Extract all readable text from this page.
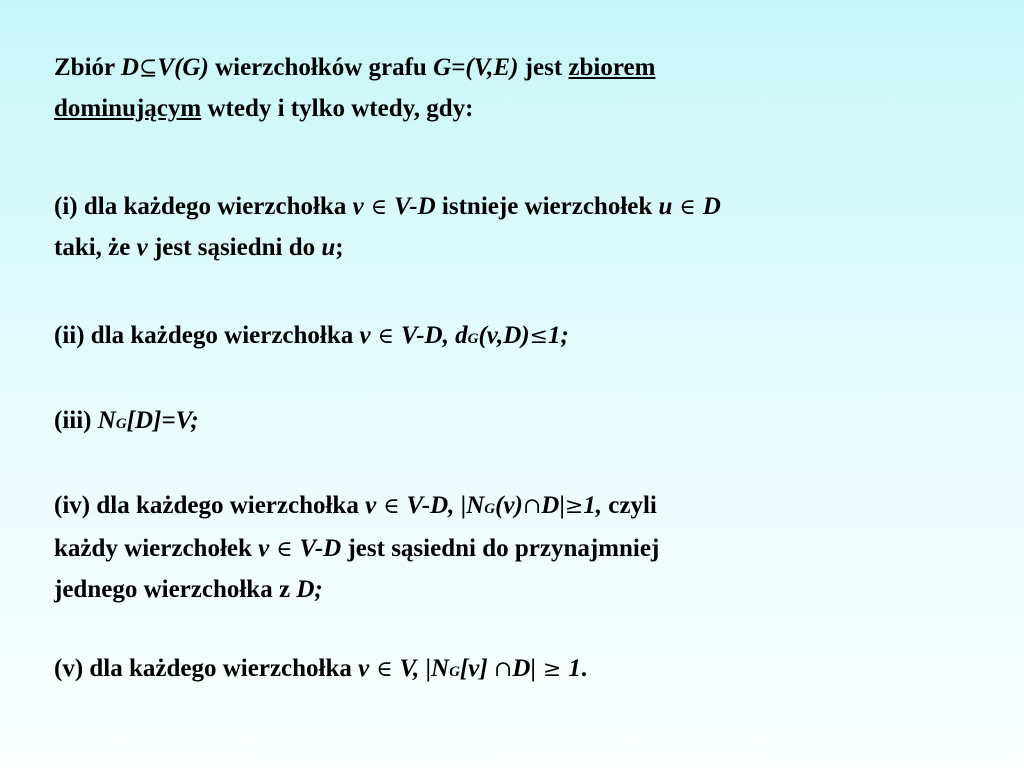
Zbiór D⊆V(G) wierzchołków grafu G=(V,E) jest zbiorem
dominującym wtedy i tylko wtedy, gdy:
(i) dla każdego wierzchołka v ∈ V-D istnieje wierzchołek u ∈ D
taki, że v jest sąsiedni do u;
(ii) dla każdego wierzchołka v ∈ V-D, dG(v,D)≤1;
(iii) NG[D]=V;
(iv) dla każdego wierzchołka v ∈ V-D, |NG(v)∩D|≥1, czyli
każdy wierzchołek v ∈ V-D jest sąsiedni do przynajmniej
jednego wierzchołka z D;
(v) dla każdego wierzchołka v ∈ V, |NG[v] ∩D| ≥ 1.
